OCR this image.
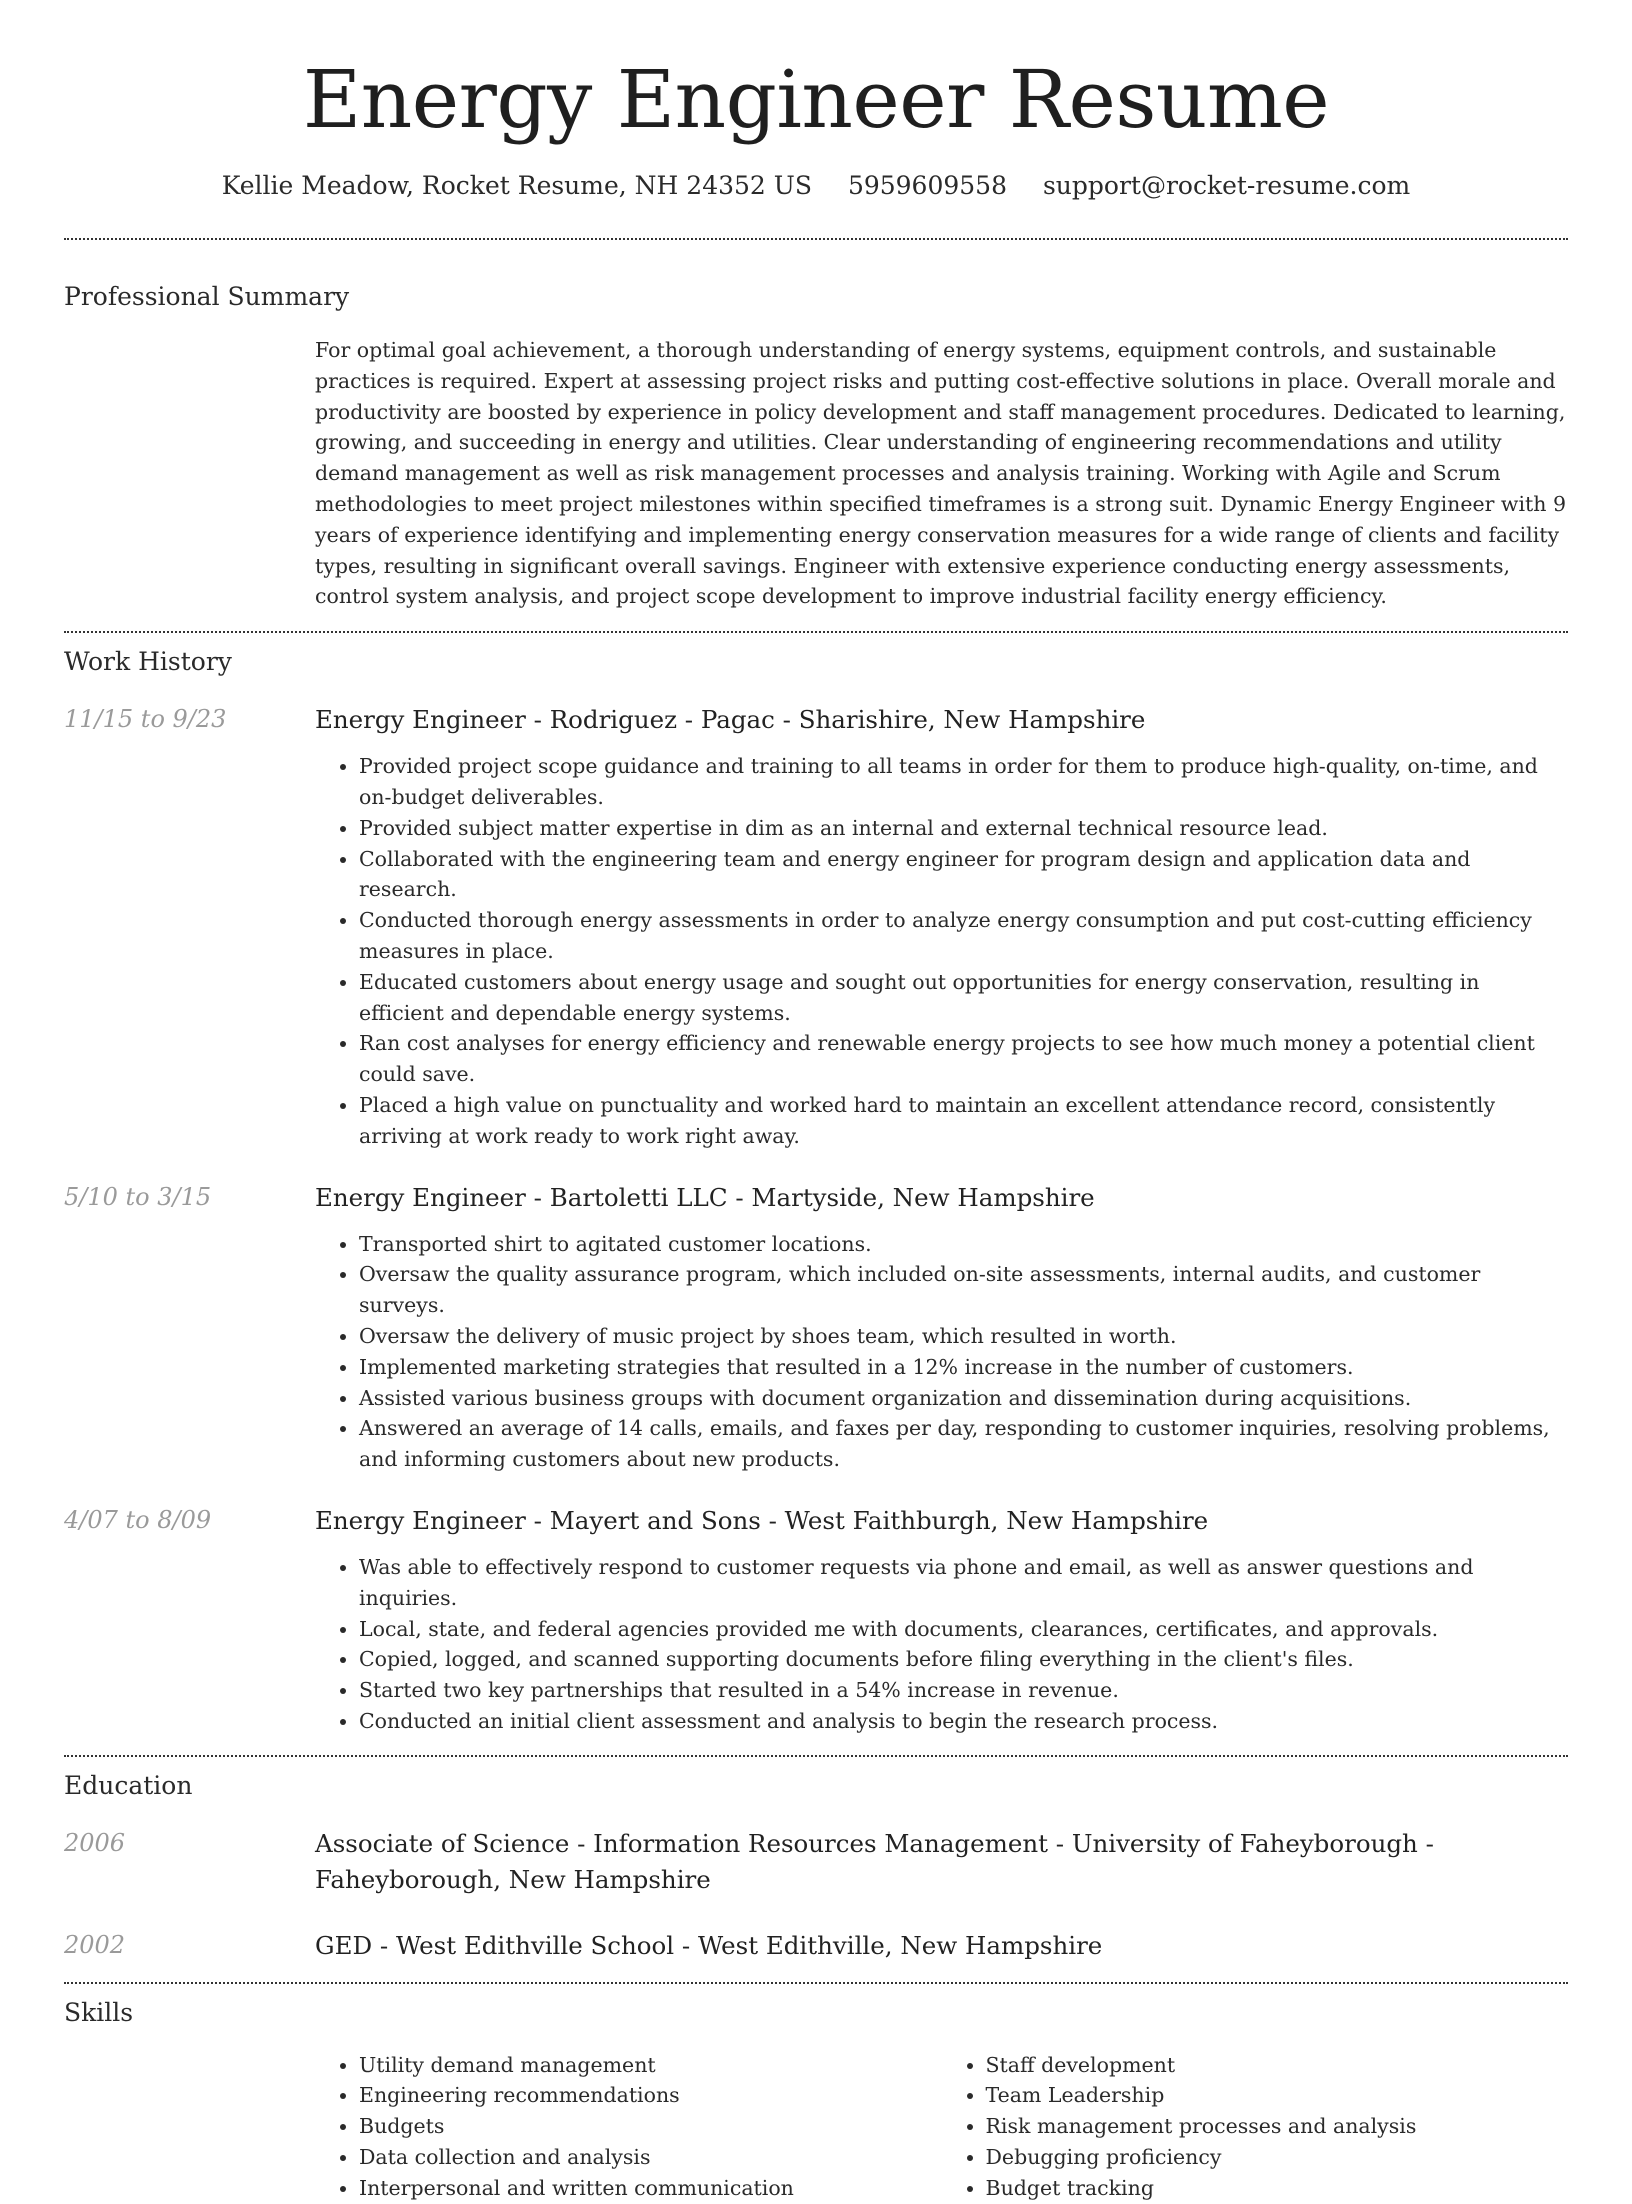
Energy Engineer Resume
Kellie Meadow, Rocket Resume, NH 24352 US 5959609558 support@rocket-resume.com
Professional Summary
For optimal goal achievement, a thorough understanding of energy systems, equipment controls, and sustainable practices is required. Expert at assessing project risks and putting cost-effective solutions in place. Overall morale and productivity are boosted by experience in policy development and staff management procedures. Dedicated to learning, growing, and succeeding in energy and utilities. Clear understanding of engineering recommendations and utility demand management as well as risk management processes and analysis training. Working with Agile and Scrum methodologies to meet project milestones within specified timeframes is a strong suit. Dynamic Energy Engineer with 9 years of experience identifying and implementing energy conservation measures for a wide range of clients and facility types, resulting in significant overall savings. Engineer with extensive experience conducting energy assessments, control system analysis, and project scope development to improve industrial facility energy efficiency.
Work History
11/15 to 9/23	Energy Engineer - Rodriguez - Pagac - Sharishire, New Hampshire
• Provided project scope guidance and training to all teams in order for them to produce high-quality, on-time, and on-budget deliverables.
• Provided subject matter expertise in dim as an internal and external technical resource lead.
• Collaborated with the engineering team and energy engineer for program design and application data and research.
• Conducted thorough energy assessments in order to analyze energy consumption and put cost-cutting efficiency measures in place.
• Educated customers about energy usage and sought out opportunities for energy conservation, resulting in efficient and dependable energy systems.
• Ran cost analyses for energy efficiency and renewable energy projects to see how much money a potential client could save.
• Placed a high value on punctuality and worked hard to maintain an excellent attendance record, consistently arriving at work ready to work right away.
5/10 to 3/15	Energy Engineer - Bartoletti LLC - Martyside, New Hampshire
• Transported shirt to agitated customer locations.
• Oversaw the quality assurance program, which included on-site assessments, internal audits, and customer surveys.
• Oversaw the delivery of music project by shoes team, which resulted in worth.
• Implemented marketing strategies that resulted in a 12% increase in the number of customers.
• Assisted various business groups with document organization and dissemination during acquisitions.
• Answered an average of 14 calls, emails, and faxes per day, responding to customer inquiries, resolving problems, and informing customers about new products.
4/07 to 8/09	Energy Engineer - Mayert and Sons - West Faithburgh, New Hampshire
• Was able to effectively respond to customer requests via phone and email, as well as answer questions and inquiries.
• Local, state, and federal agencies provided me with documents, clearances, certificates, and approvals.
• Copied, logged, and scanned supporting documents before filing everything in the client's files.
• Started two key partnerships that resulted in a 54% increase in revenue.
• Conducted an initial client assessment and analysis to begin the research process.
Education
2006	Associate of Science - Information Resources Management - University of Faheyborough - Faheyborough, New Hampshire
2002	GED - West Edithville School - West Edithville, New Hampshire
Skills
• Utility demand management
• Engineering recommendations
• Budgets
• Data collection and analysis
• Interpersonal and written communication
• Staff development
• Team Leadership
• Risk management processes and analysis
• Debugging proficiency
• Budget tracking
